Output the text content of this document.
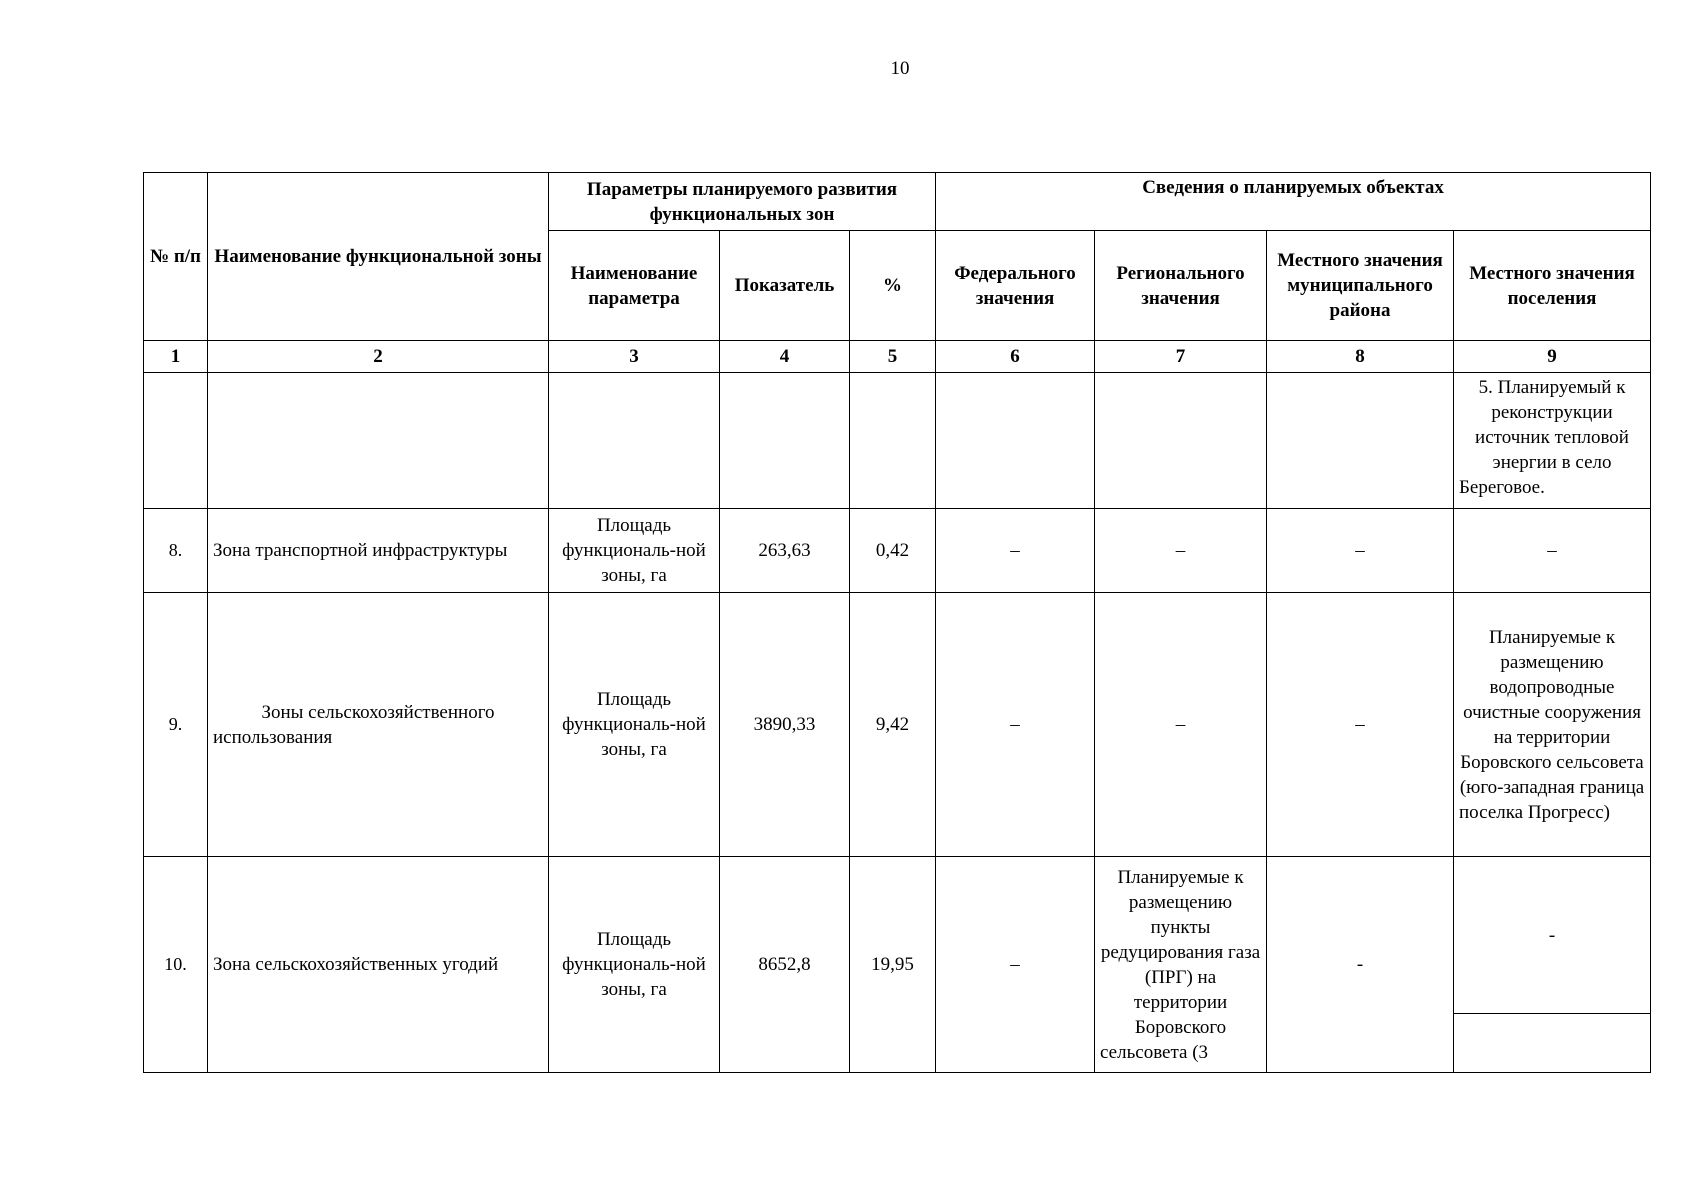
10
№ п/п	Наименование функциональной зоны	Параметры планируемого развития функциональных зон			Сведения о планируемых объектах			
		Наименование параметра	Показатель	%	Федерального значения	Регионального значения	Местного значения муниципального района	Местного значения поселения
1	2	3	4	5	6	7	8	9
								5. Планируемый к реконструкции источник тепловой энергии в село Береговое.
8.	Зона транспортной инфраструктуры	Площадь функциональ-ной зоны, га	263,63	0,42	–	–	–	–
9.	Зоны сельскохозяйственного использования	Площадь функциональ-ной зоны, га	3890,33	9,42	–	–	–	Планируемые к размещению водопроводные очистные сооружения на территории Боровского сельсовета (юго-западная граница поселка Прогресс)
10.	Зона сельскохозяйственных угодий	Площадь функциональ-ной зоны, га	8652,8	19,95	–	Планируемые к размещению пункты редуцирования газа (ПРГ) на территории Боровского сельсовета (3	-	-
